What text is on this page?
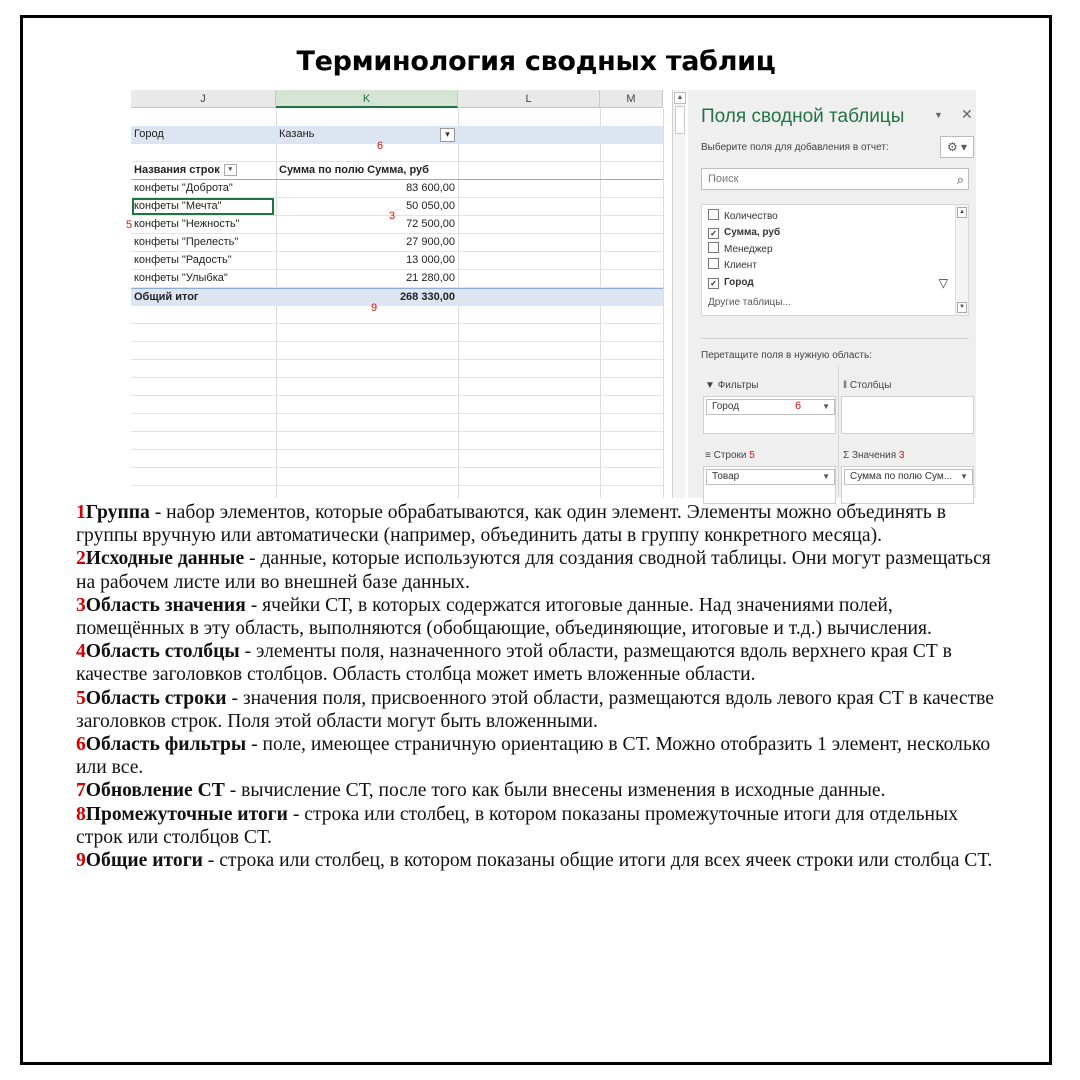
Терминология сводных таблиц
J	K	L	M
Город	Казань	▾
6
Названия строк ▾	Сумма по полю Сумма, руб
конфеты "Доброта"	83 600,00
конфеты "Мечта"	50 050,00
3
конфеты "Нежность"	72 500,00
5
конфеты "Прелесть"	27 900,00
конфеты "Радость"	13 000,00
конфеты "Улыбка"	21 280,00
Общий итог	268 330,00
9
▲
Поля сводной таблицы	▼ ✕
Выберите поля для добавления в отчет:	⚙ ▾
Поиск	⌕
Количество
✓ Сумма, руб
Менеджер
Клиент
✓ Город	▽
Другие таблицы...
▲
▼
Перетащите поля в нужную область:
▼ Фильтры
Город	▼
6
‖ Столбцы
≡ Строки 5
Товар	▼
Σ Значения 3
Сумма по полю Сум... ▼

1Группа - набор элементов, которые обрабатываются, как один элемент. Элементы можно объединять в группы вручную или автоматически (например, объединить даты в группу конкретного месяца).

2Исходные данные - данные, которые используются для создания сводной таблицы. Они могут размещаться на рабочем листе или во внешней базе данных.

3Область значения - ячейки СТ, в которых содержатся итоговые данные. Над значениями полей, помещённых в эту область, выполняются (обобщающие, объединяющие, итоговые и т.д.) вычисления.

4Область столбцы - элементы поля, назначенного этой области, размещаются вдоль верхнего края СТ в качестве заголовков столбцов. Область столбца может иметь вложенные области.

5Область строки - значения поля, присвоенного этой области, размещаются вдоль левого края СТ в качестве заголовков строк. Поля этой области могут быть вложенными.

6Область фильтры - поле, имеющее страничную ориентацию в СТ. Можно отобразить 1 элемент, несколько или все.

7Обновление СТ - вычисление СТ, после того как были внесены изменения в исходные данные.

8Промежуточные итоги - строка или столбец, в котором показаны промежуточные итоги для отдельных строк или столбцов СТ.

9Общие итоги - строка или столбец, в котором показаны общие итоги для всех ячеек строки или столбца СТ.
